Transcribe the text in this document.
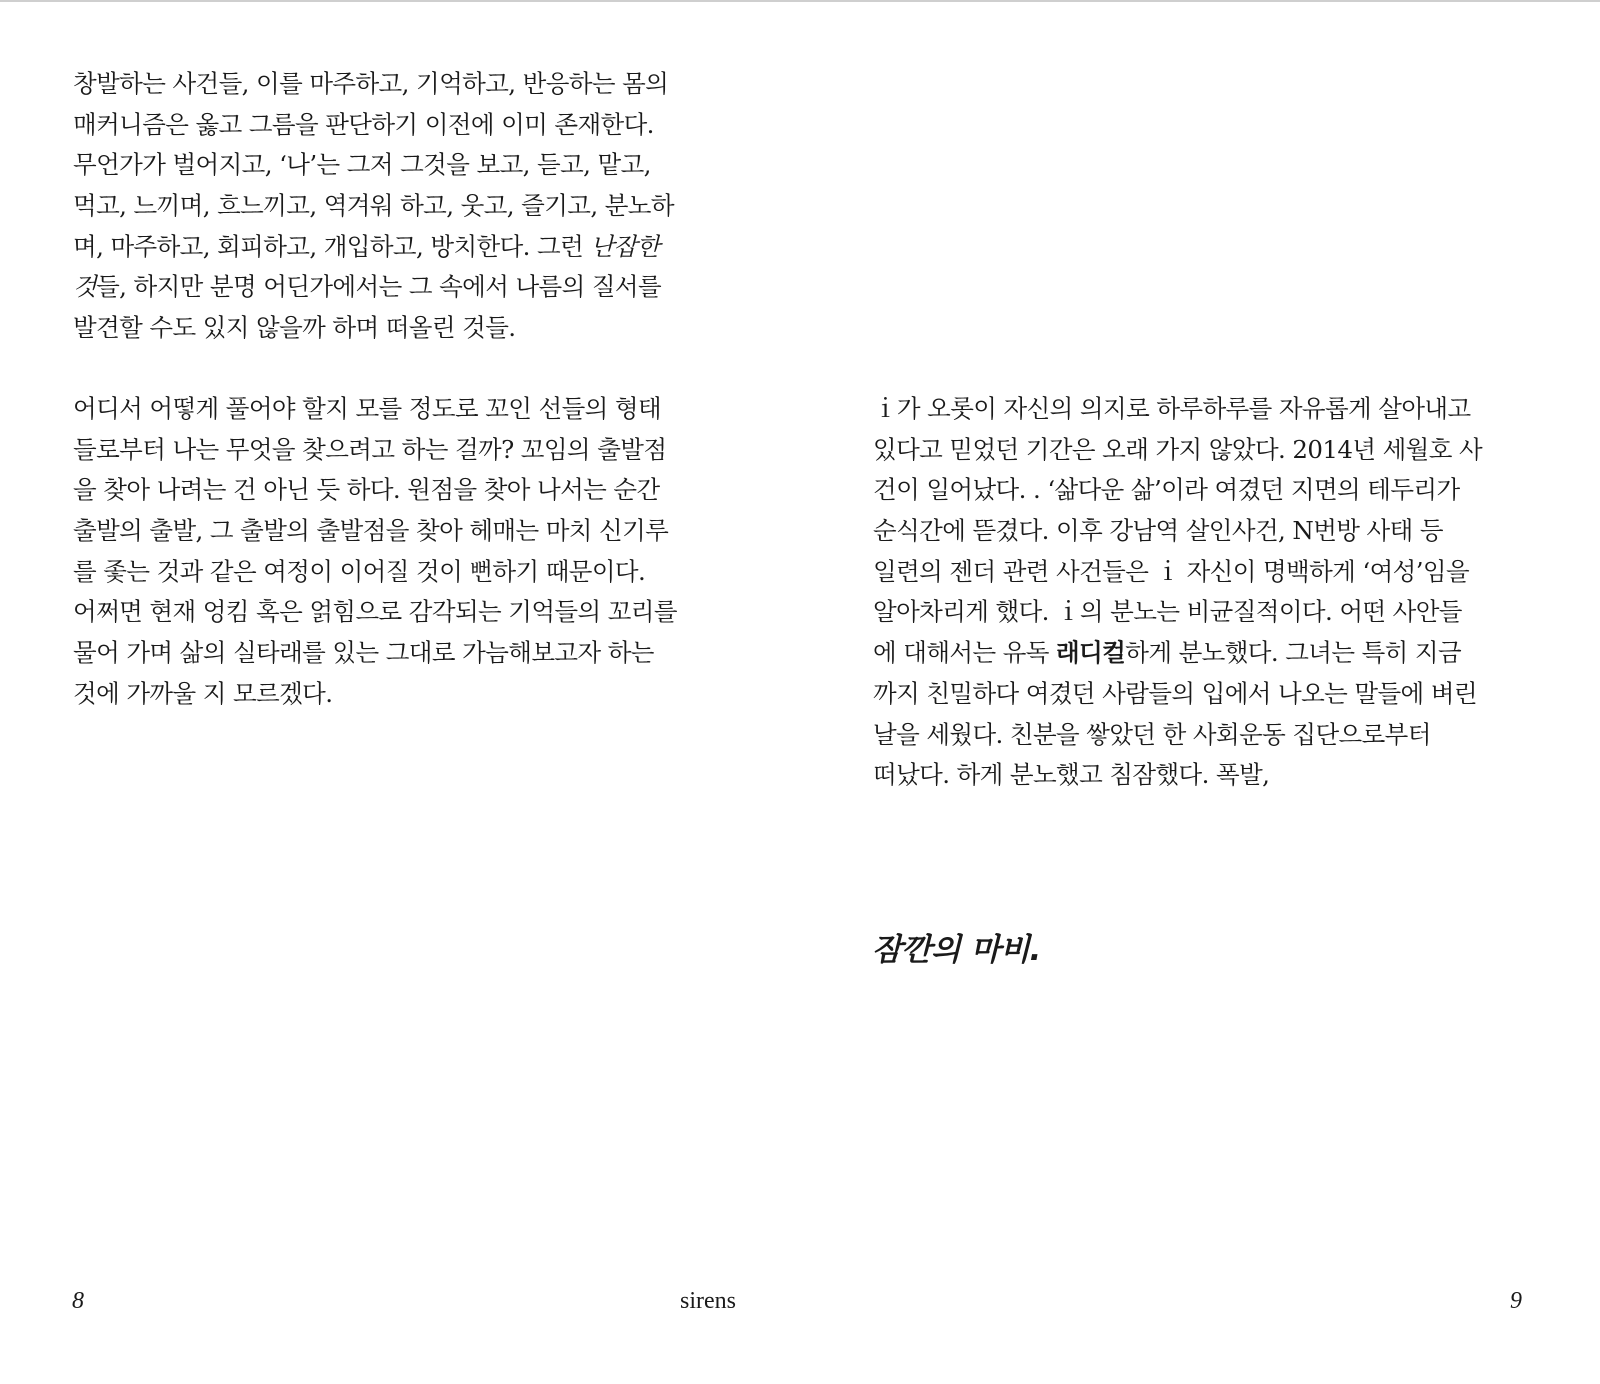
창발하는 사건들, 이를 마주하고, 기억하고, 반응하는 몸의
매커니즘은 옳고 그름을 판단하기 이전에 이미 존재한다.
무언가가 벌어지고, ‘나’는 그저 그것을 보고, 듣고, 맡고,
먹고, 느끼며, 흐느끼고, 역겨워 하고, 웃고, 즐기고, 분노하
며, 마주하고, 회피하고, 개입하고, 방치한다. 그런 난잡한
것들, 하지만 분명 어딘가에서는 그 속에서 나름의 질서를
발견할 수도 있지 않을까 하며 떠올린 것들.
어디서 어떻게 풀어야 할지 모를 정도로 꼬인 선들의 형태
들로부터 나는 무엇을 찾으려고 하는 걸까? 꼬임의 출발점
을 찾아 나려는 건 아닌 듯 하다. 원점을 찾아 나서는 순간
출발의 출발, 그 출발의 출발점을 찾아 헤매는 마치 신기루
를 좇는 것과 같은 여정이 이어질 것이 뻔하기 때문이다.
어쩌면 현재 엉킴 혹은 얽힘으로 감각되는 기억들의 꼬리를
물어 가며 삶의 실타래를 있는 그대로 가늠해보고자 하는
것에 가까울 지 모르겠다.
ｉ가 오롯이 자신의 의지로 하루하루를 자유롭게 살아내고
있다고 믿었던 기간은 오래 가지 않았다. 2014년 세월호 사
건이 일어났다. . ‘삶다운 삶’이라 여겼던 지면의 테두리가
순식간에 뜯겼다. 이후 강남역 살인사건, N번방 사태 등
일련의 젠더 관련 사건들은 ｉ 자신이 명백하게 ‘여성’임을
알아차리게 했다. ｉ의 분노는 비균질적이다. 어떤 사안들
에 대해서는 유독 래디컬하게 분노했다. 그녀는 특히 지금
까지 친밀하다 여겼던 사람들의 입에서 나오는 말들에 벼린
날을 세웠다. 친분을 쌓았던 한 사회운동 집단으로부터
떠났다. 하게 분노했고 침잠했다. 폭발,
잠깐의 마비.
8	sirens	9
